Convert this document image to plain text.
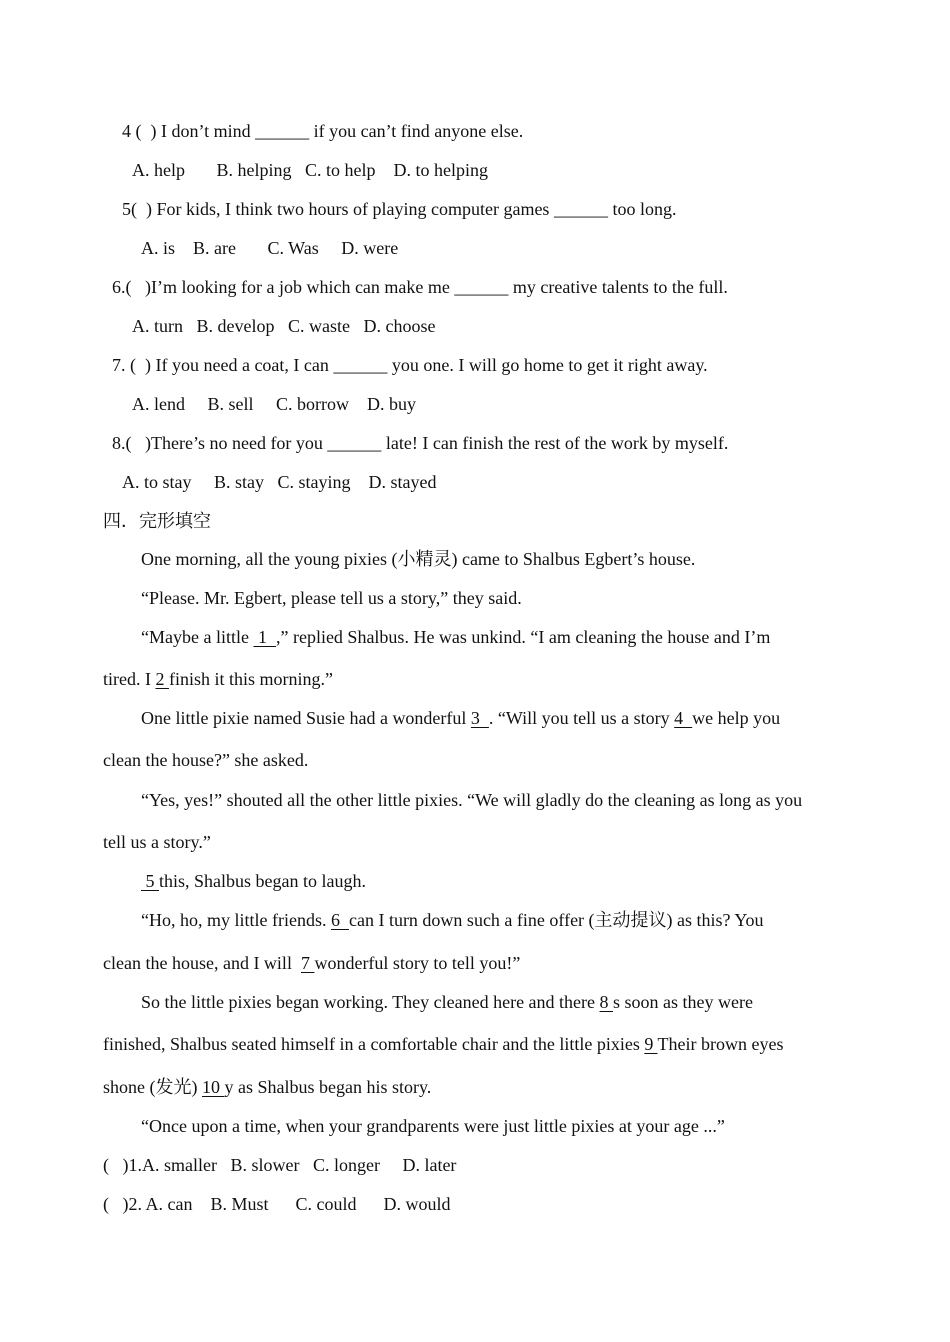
4 (  ) I don’t mind ______ if you can’t find anyone else.
A. help       B. helping   C. to help    D. to helping
5(  ) For kids, I think two hours of playing computer games ______ too long.
A. is    B. are       C. Was     D. were
6.(   )I’m looking for a job which can make me ______ my creative talents to the full.
A. turn   B. develop   C. waste   D. choose
7. (  ) If you need a coat, I can ______ you one. I will go home to get it right away.
A. lend     B. sell     C. borrow    D. buy
8.(   )There’s no need for you ______ late! I can finish the rest of the work by myself.
A. to stay     B. stay   C. staying    D. stayed
四．完形填空
One morning, all the young pixies (小精灵) came to Shalbus Egbert’s house.
“Please. Mr. Egbert, please tell us a story,” they said.
“Maybe a little  1  ,” replied Shalbus. He was unkind. “I am cleaning the house and I’m
tired. I 2 finish it this morning.”
One little pixie named Susie had a wonderful 3  . “Will you tell us a story 4  we help you
clean the house?” she asked.
“Yes, yes!” shouted all the other little pixies. “We will gladly do the cleaning as long as you
tell us a story.”
5 this, Shalbus began to laugh.
“Ho, ho, my little friends. 6  can I turn down such a fine offer (主动提议) as this? You
clean the house, and I will  7 wonderful story to tell you!”
So the little pixies began working. They cleaned here and there 8 s soon as they were
finished, Shalbus seated himself in a comfortable chair and the little pixies 9 Their brown eyes
shone (发光) 10 y as Shalbus began his story.
“Once upon a time, when your grandparents were just little pixies at your age ...”
(   )1.A. smaller   B. slower   C. longer     D. later
(   )2. A. can    B. Must      C. could      D. would
